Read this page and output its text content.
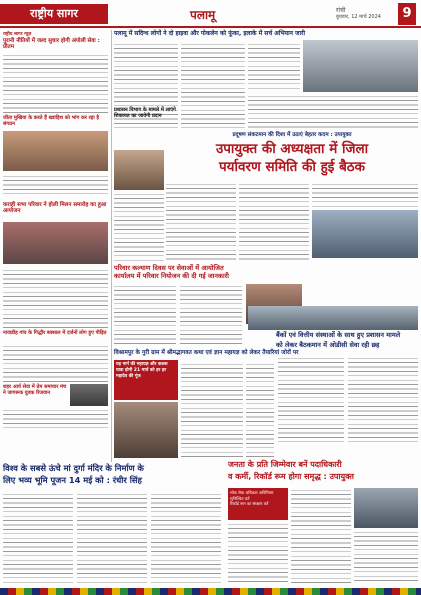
राष्ट्रीय सागर	पलामू	रांची
बुधवार, 12 मार्च 2024	9
राष्ट्रीय सागर न्यूज़
पुरानी नीतियों में जल्द सुधार होगी अंपोली सेवा : प्रीतम
जीता मुखिया के करते हैं ख्वाहिश को भांग कर रहा है संगठन
कराही सभा परिवार ने होली मिलन समारोह का हुआ आयोजन
नावाडीह गांव के गिद्धौर बक्साल में दर्जनों लोग हुए पीड़ित
शहर आर्य सेवा में प्रेम समाचार मंच ने जागरूक युवक रिजवान
पलामू में सदिग्ध लोगों ने दो हाइवा और पोकलेन को फूंका, इलाके में सर्च अभियान जारी
प्रशासन विभाग के मामले में लाएंगे शिकायत का जायेगी प्रदान
प्रदूषण संकटमान की दिशा में उठाएं बेहतर कदम : उपायुक्त
उपायुक्त की अध्यक्षता में जिला
पर्यावरण समिति की हुई बैठक
परिवार कल्याण दिवस पर सेवाओं में आयोजित
कार्यालय में परिवार नियोजन की दी गई जानकारी
बैंकों एवं वित्तीय संस्थाओं के साथ हुए प्रशासन मामले
को लेकर बैठकमान में ओडीसी सेवा रही छह
विश्रामपुर के गुरी ग्राम में श्रीमद्भागवत कथा एवं ज्ञान महायज्ञ को लेकर तैयारियां जोरों पर
यह मार्ग की महायज्ञ और कलश यात्रा होगी 21 मार्च को हर हर महादेव की गूंज
विश्व के सबसे ऊंचे मां दुर्गा मंदिर के निर्माण के
लिए भव्य भूमि पूजन 14 मई को : रंधीर सिंह
जनता के प्रति जिम्मेवार बनें पदाधिकारी
व कर्मी, रिकॉर्ड रूम होगा समृद्ध : उपायुक्त
लोक सेवा अधिकार अधिनियम सुनिश्चित करें
रिकॉर्ड रूम का संरक्षण करें
